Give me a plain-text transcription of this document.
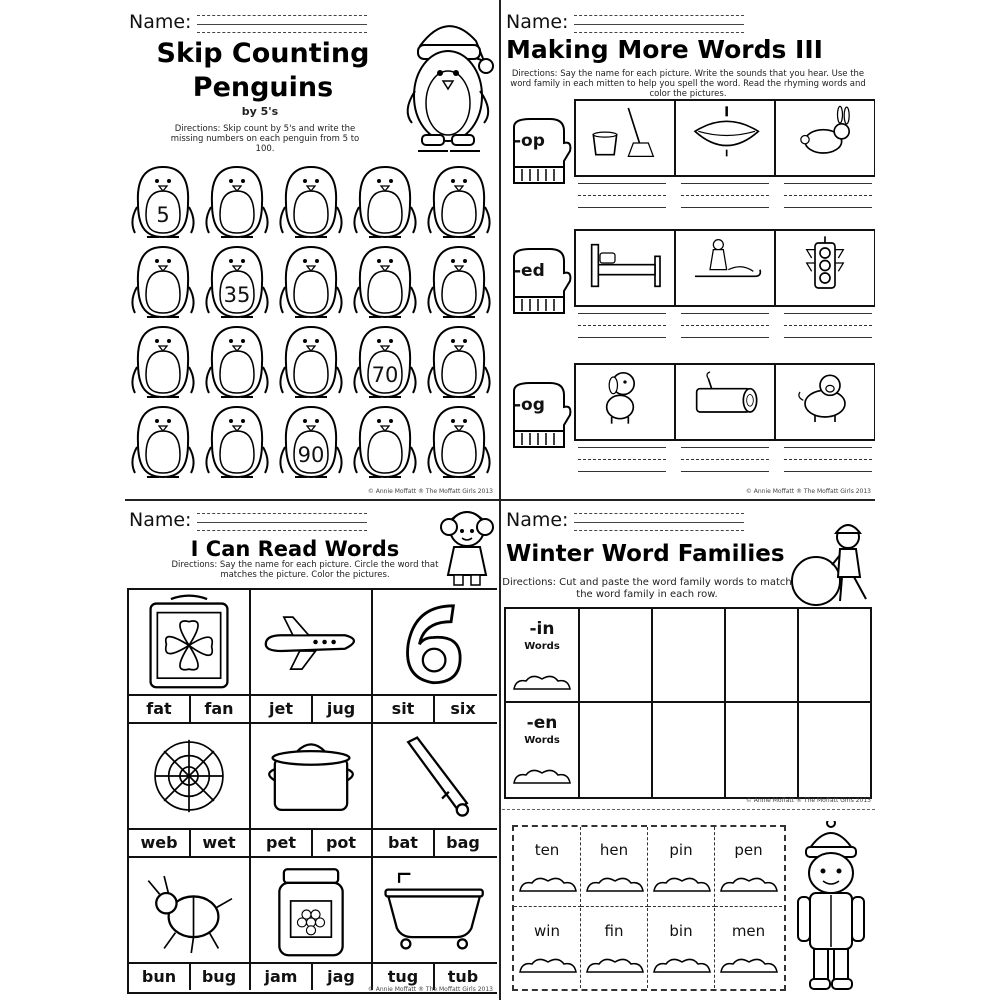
Name:
Skip Counting
Penguins
by 5's
Directions: Skip count by 5's and write the missing numbers on each penguin from 5 to 100.
5
35
70
90
© Annie Moffatt ® The Moffatt Girls 2013
Name:
Making More Words III
Directions: Say the name for each picture. Write the sounds that you hear. Use the word family in each mitten to help you spell the word. Read the rhyming words and color the pictures.
-op
-ed
-og
© Annie Moffatt ® The Moffatt Girls 2013
Name:
I Can Read Words
Directions: Say the name for each picture. Circle the word that matches the picture. Color the pictures.
fat	fan	jet	jug	sit	six
web	wet	pet	pot	bat	bag
bun	bug	jam	jag	tug	tub
© Annie Moffatt ® The Moffatt Girls 2013
Name:
Winter Word Families
Directions: Cut and paste the word family words to match the word family in each row.
-in
Words
-en
Words
© Annie Moffatt ® The Moffatt Girls 2013
ten	hen	pin	pen
win	fin	bin	men
